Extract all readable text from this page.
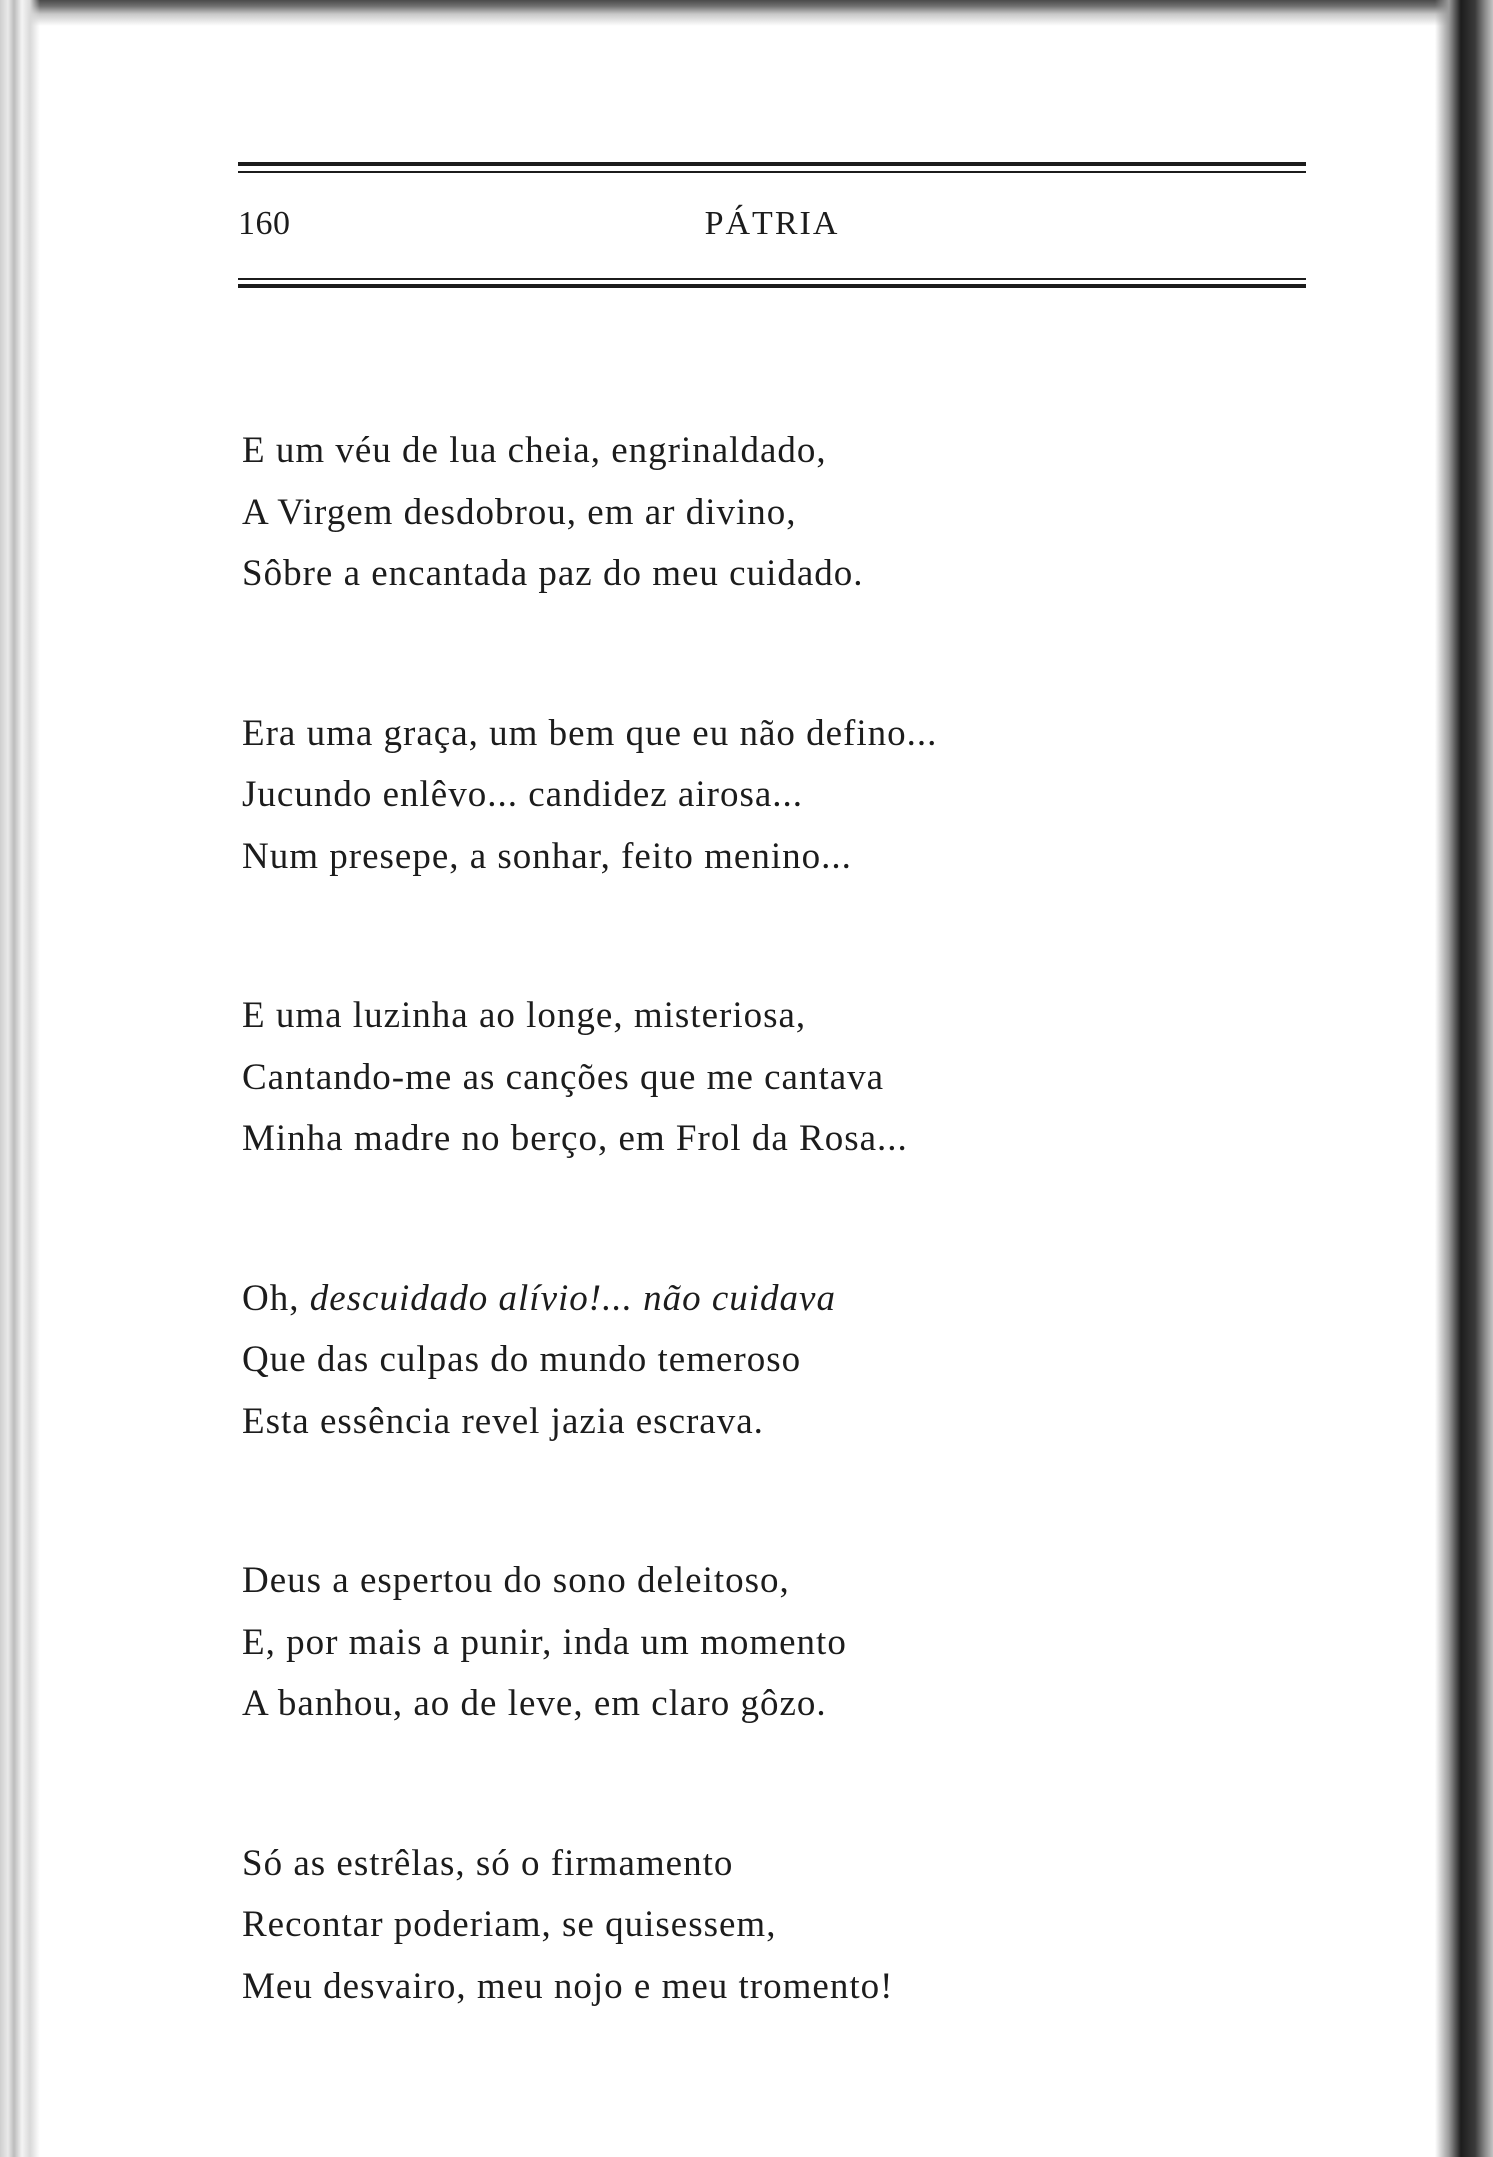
160	PÁTRIA
E um véu de lua cheia, engrinaldado,
A Virgem desdobrou, em ar divino,
Sôbre a encantada paz do meu cuidado.
Era uma graça, um bem que eu não defino...
Jucundo enlêvo... candidez airosa...
Num presepe, a sonhar, feito menino...
E uma luzinha ao longe, misteriosa,
Cantando-me as canções que me cantava
Minha madre no berço, em Frol da Rosa...
Oh, descuidado alívio!... não cuidava
Que das culpas do mundo temeroso
Esta essência revel jazia escrava.
Deus a espertou do sono deleitoso,
E, por mais a punir, inda um momento
A banhou, ao de leve, em claro gôzo.
Só as estrêlas, só o firmamento
Recontar poderiam, se quisessem,
Meu desvairo, meu nojo e meu tromento!
